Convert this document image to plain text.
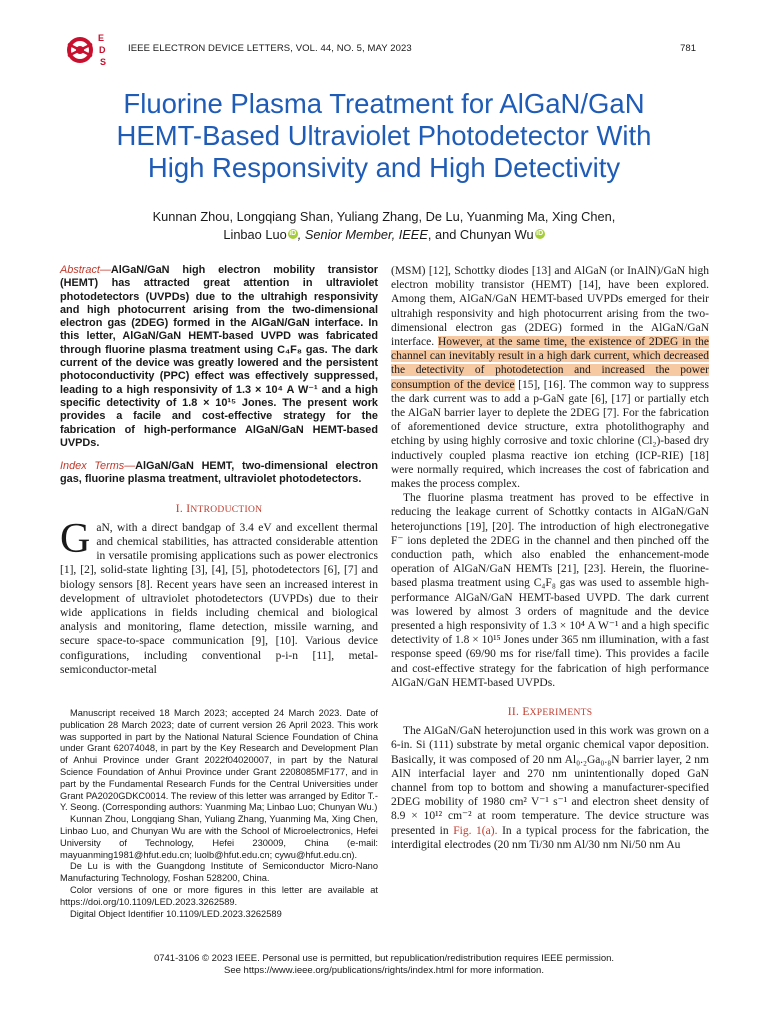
E
D
S
IEEE ELECTRON DEVICE LETTERS, VOL. 44, NO. 5, MAY 2023	781
Fluorine Plasma Treatment for AlGaN/GaN
HEMT-Based Ultraviolet Photodetector With
High Responsivity and High Detectivity
Kunnan Zhou, Longqiang Shan, Yuliang Zhang, De Lu, Yuanming Ma, Xing Chen,
Linbao Luo iD , Senior Member, IEEE, and Chunyan Wu iD

Abstract—AlGaN/GaN high electron mobility transistor (HEMT) has attracted great attention in ultraviolet photodetectors (UVPDs) due to the ultrahigh responsivity and high photocurrent arising from the two-dimensional electron gas (2DEG) formed in the AlGaN/GaN interface. In this letter, AlGaN/GaN HEMT-based UVPD was fabricated through fluorine plasma treatment using C₄F₈ gas. The dark current of the device was greatly lowered and the persistent photoconductivity (PPC) effect was effectively suppressed, leading to a high responsivity of 1.3 × 10⁴ A W⁻¹ and a high specific detectivity of 1.8 × 10¹⁵ Jones. The present work provides a facile and cost-effective strategy for the fabrication of high-performance AlGaN/GaN HEMT-based UVPDs.

Index Terms—AlGaN/GaN HEMT, two-dimensional electron gas, fluorine plasma treatment, ultraviolet photodetectors.

I. INTRODUCTION

GaN, with a direct bandgap of 3.4 eV and excellent thermal and chemical stabilities, has attracted considerable attention in versatile promising applications such as power electronics [1], [2], solid-state lighting [3], [4], [5], photodetectors [6], [7] and biology sensors [8]. Recent years have seen an increased interest in development of ultraviolet photodetectors (UVPDs) due to their wide applications in fields including chemical and biological analysis and monitoring, flame detection, missile warning, and secure space-to-space communication [9], [10]. Various device configurations, including conventional p-i-n [11], metal-semiconductor-metal

Manuscript received 18 March 2023; accepted 24 March 2023. Date of publication 28 March 2023; date of current version 26 April 2023. This work was supported in part by the National Natural Science Foundation of China under Grant 62074048, in part by the Key Research and Development Plan of Anhui Province under Grant 2022f04020007, in part by the Natural Science Foundation of Anhui Province under Grant 2208085MF177, and in part by the Fundamental Research Funds for the Central Universities under Grant PA2020GDKC0014. The review of this letter was arranged by Editor T.-Y. Seong. (Corresponding authors: Yuanming Ma; Linbao Luo; Chunyan Wu.)

Kunnan Zhou, Longqiang Shan, Yuliang Zhang, Yuanming Ma, Xing Chen, Linbao Luo, and Chunyan Wu are with the School of Microelectronics, Hefei University of Technology, Hefei 230009, China (e-mail: mayuanming1981@hfut.edu.cn; luolb@hfut.edu.cn; cywu@hfut.edu.cn).

De Lu is with the Guangdong Institute of Semiconductor Micro-Nano Manufacturing Technology, Foshan 528200, China.

Color versions of one or more figures in this letter are available at https://doi.org/10.1109/LED.2023.3262589.

Digital Object Identifier 10.1109/LED.2023.3262589

(MSM) [12], Schottky diodes [13] and AlGaN (or InAlN)/GaN high electron mobility transistor (HEMT) [14], have been explored. Among them, AlGaN/GaN HEMT-based UVPDs emerged for their ultrahigh responsivity and high photocurrent arising from the two-dimensional electron gas (2DEG) formed in the AlGaN/GaN interface. However, at the same time, the existence of 2DEG in the channel can inevitably result in a high dark current, which decreased the detectivity of photodetection and increased the power consumption of the device [15], [16]. The common way to suppress the dark current was to add a p-GaN gate [6], [17] or partially etch the AlGaN barrier layer to deplete the 2DEG [7]. For the fabrication of aforementioned device structure, extra photolithography and etching by using highly corrosive and toxic chlorine (Cl₂)-based dry inductively coupled plasma reactive ion etching (ICP-RIE) [18] were normally required, which increases the cost of fabrication and makes the process complex.

The fluorine plasma treatment has proved to be effective in reducing the leakage current of Schottky contacts in AlGaN/GaN heterojunctions [19], [20]. The introduction of high electronegative F⁻ ions depleted the 2DEG in the channel and then pinched off the conduction path, which also enabled the enhancement-mode operation of AlGaN/GaN HEMTs [21], [23]. Herein, the fluorine-based plasma treatment using C₄F₈ gas was used to assemble high-performance AlGaN/GaN HEMT-based UVPD. The dark current was lowered by almost 3 orders of magnitude and the device presented a high responsivity of 1.3 × 10⁴ A W⁻¹ and a high specific detectivity of 1.8 × 10¹⁵ Jones under 365 nm illumination, with a fast response speed (69/90 ms for rise/fall time). This provides a facile and cost-effective strategy for the fabrication of high performance AlGaN/GaN HEMT-based UVPDs.

II. EXPERIMENTS

The AlGaN/GaN heterojunction used in this work was grown on a 6-in. Si (111) substrate by metal organic chemical vapor deposition. Basically, it was composed of 20 nm Al₀.₂Ga₀.₈N barrier layer, 2 nm AlN interfacial layer and 270 nm unintentionally doped GaN channel from top to bottom and showing a manufacturer-specified 2DEG mobility of 1980 cm² V⁻¹ s⁻¹ and electron sheet density of 8.9 × 10¹² cm⁻² at room temperature. The device structure was presented in Fig. 1(a). In a typical process for the fabrication, the interdigital electrodes (20 nm Ti/30 nm Al/30 nm Ni/50 nm Au

0741-3106 © 2023 IEEE. Personal use is permitted, but republication/redistribution requires IEEE permission.
See https://www.ieee.org/publications/rights/index.html for more information.
